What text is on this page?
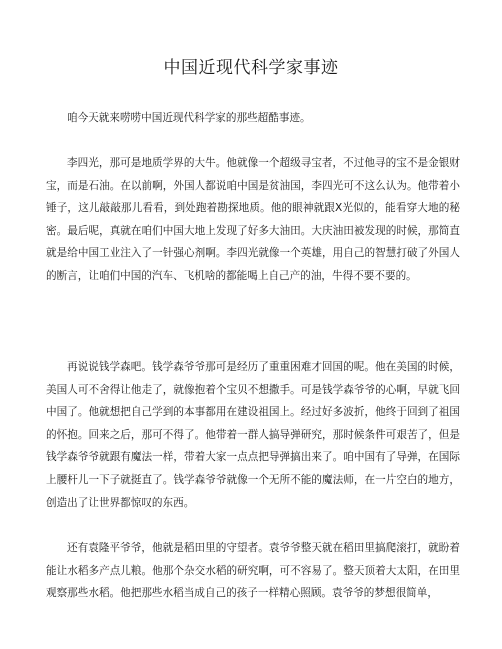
中国近现代科学家事迹

咱今天就来唠唠中国近现代科学家的那些超酷事迹。

李四光，那可是地质学界的大牛。他就像一个超级寻宝者，不过他寻的宝不是金银财宝，而是石油。在以前啊，外国人都说咱中国是贫油国，李四光可不这么认为。他带着小锤子，这儿敲敲那儿看看，到处跑着勘探地质。他的眼神就跟X光似的，能看穿大地的秘密。最后呢，真就在咱们中国大地上发现了好多大油田。大庆油田被发现的时候，那简直就是给中国工业注入了一针强心剂啊。李四光就像一个英雄，用自己的智慧打破了外国人的断言，让咱们中国的汽车、飞机啥的都能喝上自己产的油，牛得不要不要的。

再说说钱学森吧。钱学森爷爷那可是经历了重重困难才回国的呢。他在美国的时候，美国人可不舍得让他走了，就像抱着个宝贝不想撒手。可是钱学森爷爷的心啊，早就飞回中国了。他就想把自己学到的本事都用在建设祖国上。经过好多波折，他终于回到了祖国的怀抱。回来之后，那可不得了。他带着一群人搞导弹研究，那时候条件可艰苦了，但是钱学森爷爷就跟有魔法一样，带着大家一点点把导弹搞出来了。咱中国有了导弹，在国际上腰杆儿一下子就挺直了。钱学森爷爷就像一个无所不能的魔法师，在一片空白的地方，创造出了让世界都惊叹的东西。

还有袁隆平爷爷，他就是稻田里的守望者。袁爷爷整天就在稻田里搞爬滚打，就盼着能让水稻多产点儿粮。他那个杂交水稻的研究啊，可不容易了。整天顶着大太阳，在田里观察那些水稻。他把那些水稻当成自己的孩子一样精心照顾。袁爷爷的梦想很简单，
